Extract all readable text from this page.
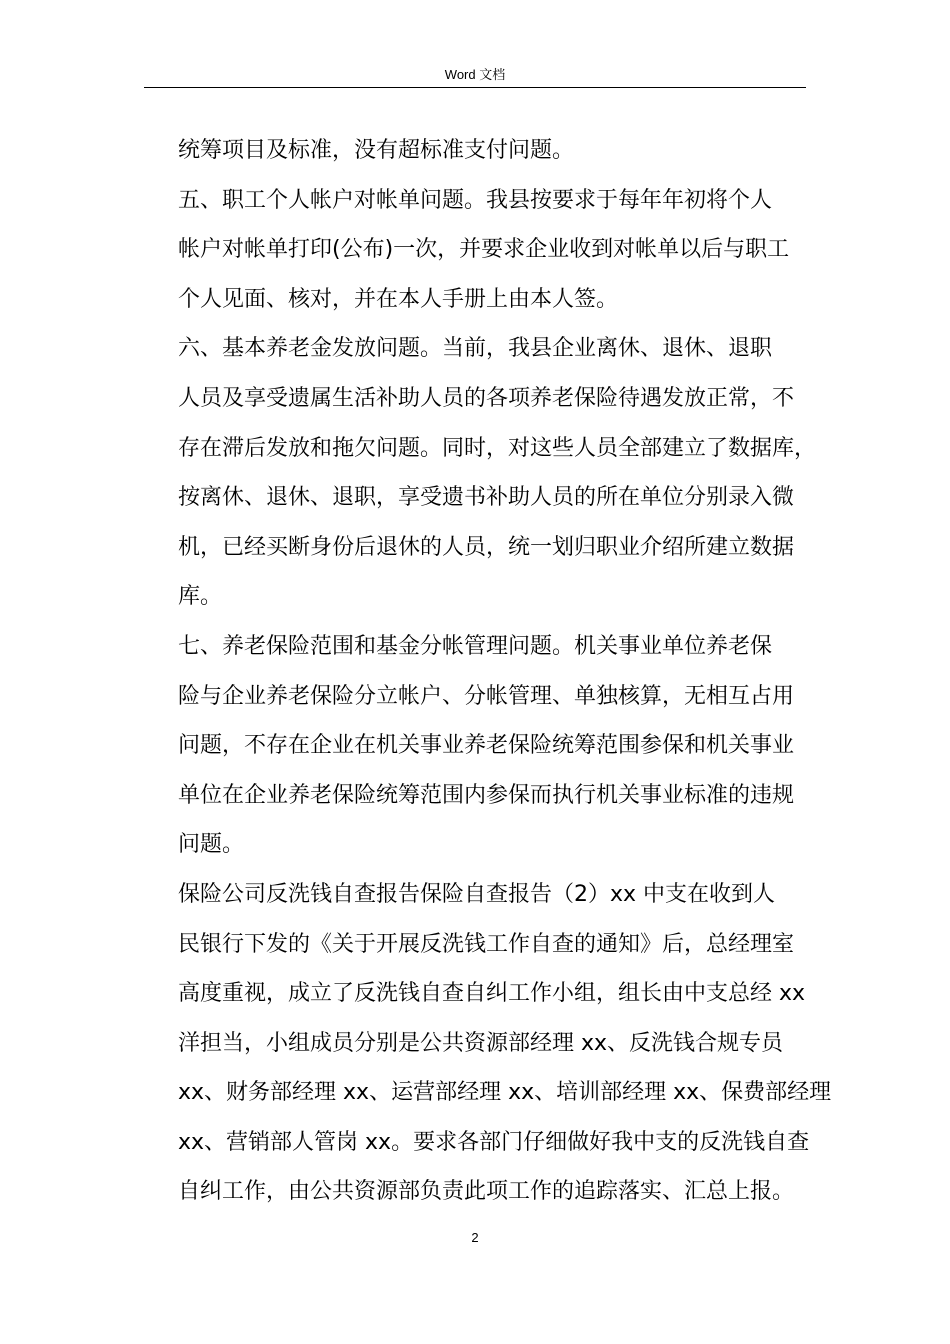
Word 文档
统筹项目及标准，没有超标准支付问题。
五、职工个人帐户对帐单问题。我县按要求于每年年初将个人
帐户对帐单打印(公布)一次，并要求企业收到对帐单以后与职工
个人见面、核对，并在本人手册上由本人签。
六、基本养老金发放问题。当前，我县企业离休、退休、退职
人员及享受遗属生活补助人员的各项养老保险待遇发放正常，不
存在滞后发放和拖欠问题。同时，对这些人员全部建立了数据库，
按离休、退休、退职，享受遗书补助人员的所在单位分别录入微
机，已经买断身份后退休的人员，统一划归职业介绍所建立数据
库。
七、养老保险范围和基金分帐管理问题。机关事业单位养老保
险与企业养老保险分立帐户、分帐管理、单独核算，无相互占用
问题，不存在企业在机关事业养老保险统筹范围参保和机关事业
单位在企业养老保险统筹范围内参保而执行机关事业标准的违规
问题。
保险公司反洗钱自查报告保险自查报告（2）xx 中支在收到人
民银行下发的《关于开展反洗钱工作自查的通知》后，总经理室
高度重视，成立了反洗钱自查自纠工作小组，组长由中支总经 xx
洋担当，小组成员分别是公共资源部经理 xx、反洗钱合规专员
xx、财务部经理 xx、运营部经理 xx、培训部经理 xx、保费部经理
xx、营销部人管岗 xx。要求各部门仔细做好我中支的反洗钱自查
自纠工作，由公共资源部负责此项工作的追踪落实、汇总上报。
2
